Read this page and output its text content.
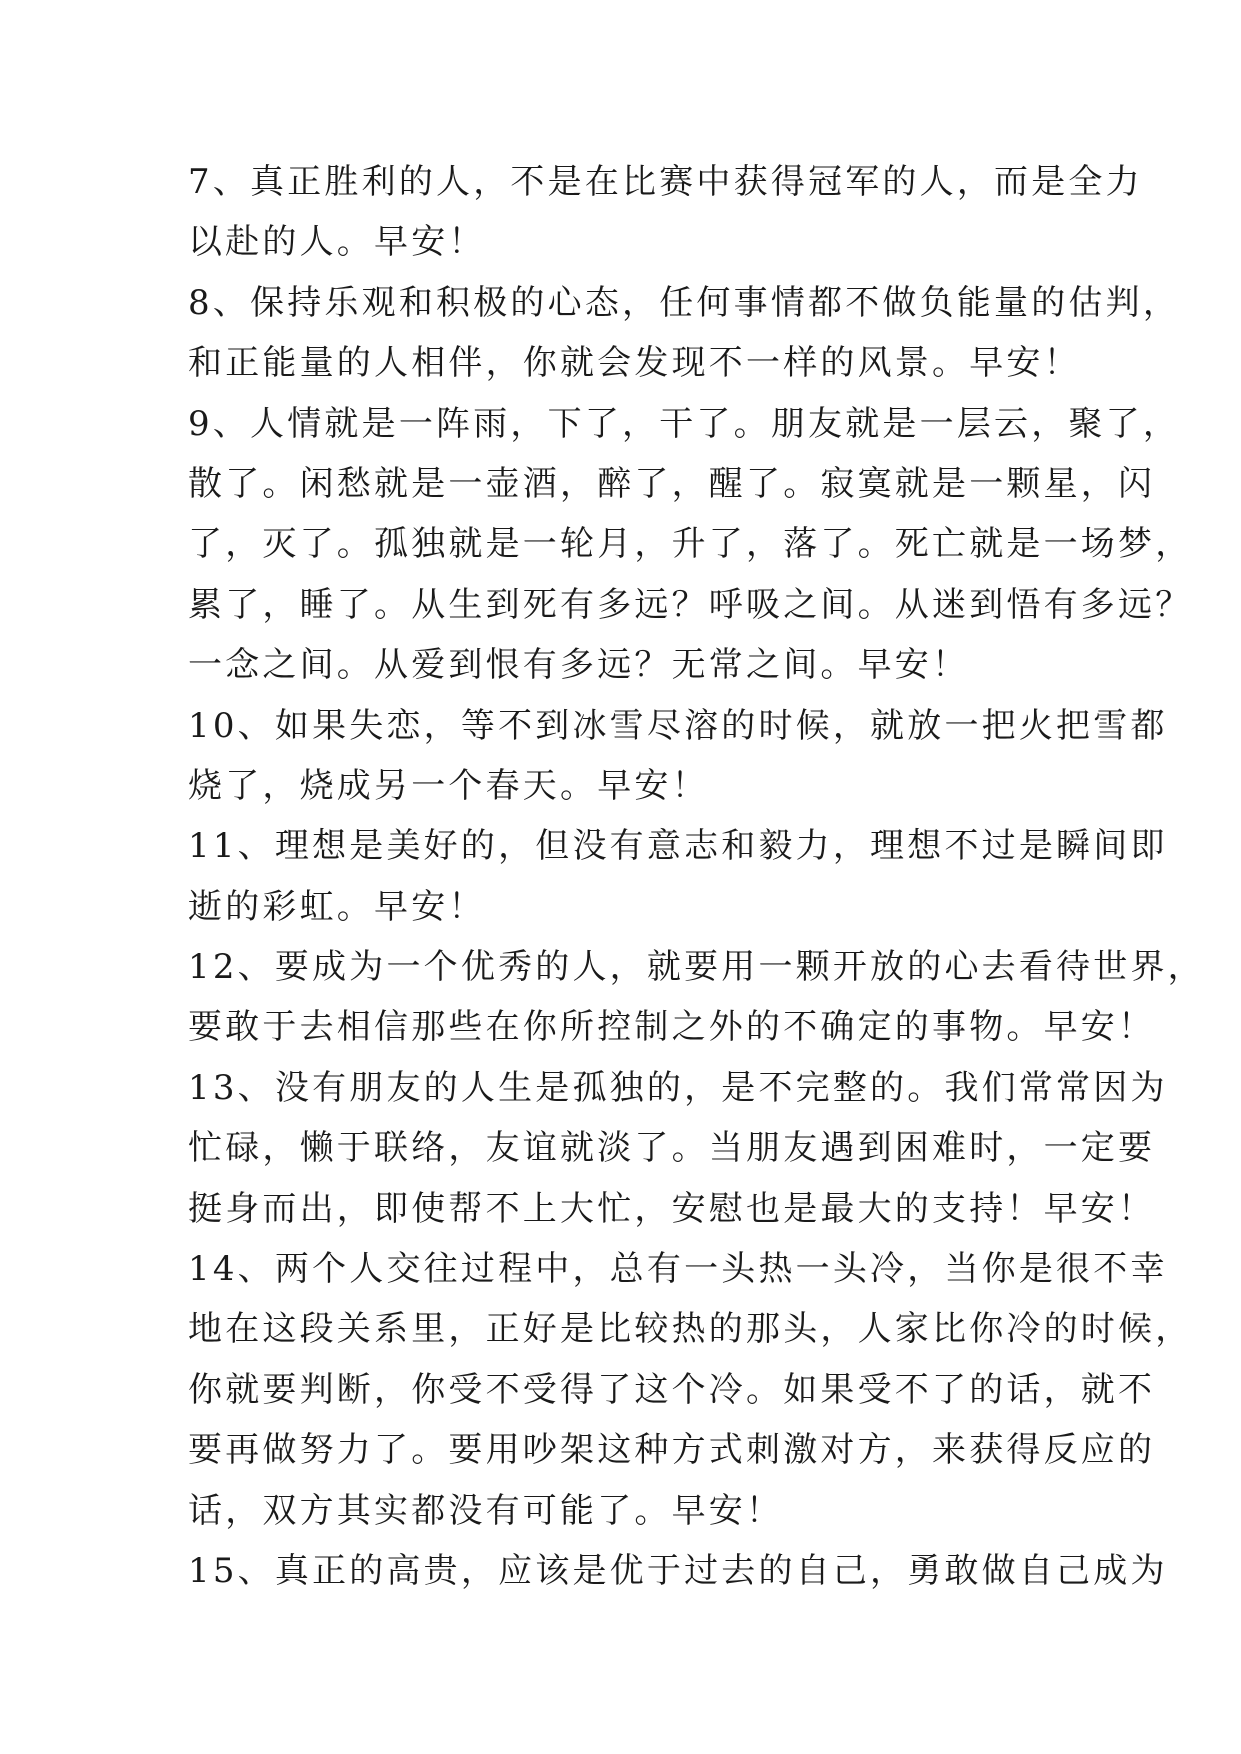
7、真正胜利的人，不是在比赛中获得冠军的人，而是全力
以赴的人。早安！
8、保持乐观和积极的心态，任何事情都不做负能量的估判，
和正能量的人相伴，你就会发现不一样的风景。早安！
9、人情就是一阵雨，下了，干了。朋友就是一层云，聚了，
散了。闲愁就是一壶酒，醉了，醒了。寂寞就是一颗星，闪
了，灭了。孤独就是一轮月，升了，落了。死亡就是一场梦，
累了，睡了。从生到死有多远？呼吸之间。从迷到悟有多远？
一念之间。从爱到恨有多远？无常之间。早安！
10、如果失恋，等不到冰雪尽溶的时候，就放一把火把雪都
烧了，烧成另一个春天。早安！
11、理想是美好的，但没有意志和毅力，理想不过是瞬间即
逝的彩虹。早安！
12、要成为一个优秀的人，就要用一颗开放的心去看待世界，
要敢于去相信那些在你所控制之外的不确定的事物。早安！
13、没有朋友的人生是孤独的，是不完整的。我们常常因为
忙碌，懒于联络，友谊就淡了。当朋友遇到困难时，一定要
挺身而出，即使帮不上大忙，安慰也是最大的支持！早安！
14、两个人交往过程中，总有一头热一头冷，当你是很不幸
地在这段关系里，正好是比较热的那头，人家比你冷的时候，
你就要判断，你受不受得了这个冷。如果受不了的话，就不
要再做努力了。要用吵架这种方式刺激对方，来获得反应的
话，双方其实都没有可能了。早安！
15、真正的高贵，应该是优于过去的自己，勇敢做自己成为
